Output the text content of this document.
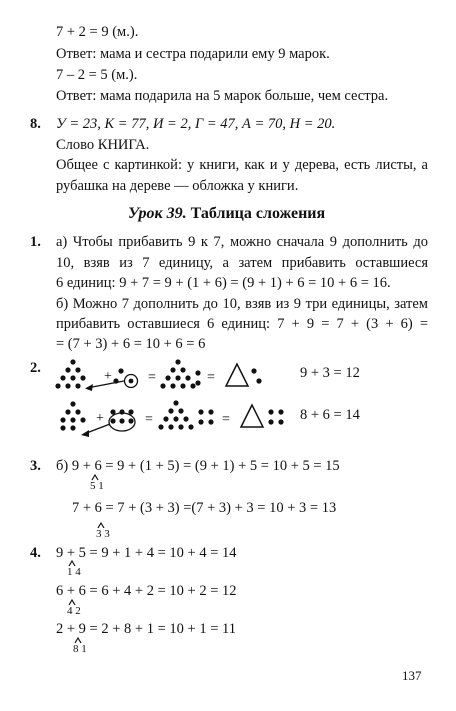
7 + 2 = 9 (м.).
Ответ: мама и сестра подарили ему 9 марок.
7 – 2 = 5 (м.).
Ответ: мама подарила на 5 марок больше, чем сестра.
8. У = 23, К = 77, И = 2, Г = 47, А = 70, Н = 20.
Слово КНИГА.
Общее с картинкой: у книги, как и у дерева, есть листы, а
рубашка на дереве — обложка у книги.
Урок 39. Таблица сложения
1. а) Чтобы прибавить 9 к 7, можно сначала 9 дополнить до
10, взяв из 7 единицу, а затем прибавить оставшиеся
6 единиц: 9 + 7 = 9 + (1 + 6) = (9 + 1) + 6 = 10 + 6 = 16.
б) Можно 7 дополнить до 10, взяв из 9 три единицы, затем
прибавить оставшиеся 6 единиц: 7 + 9 = 7 + (3 + 6) =
= (7 + 3) + 6 = 10 + 6 = 6
2.
+	=	=
+	=	=
9 + 3 = 12
8 + 6 = 14
3. б) 9 + 6 = 9 + (1 + 5) = (9 + 1) + 5 = 10 + 5 = 15
5 1
7 + 6 = 7 + (3 + 3) =(7 + 3) + 3 = 10 + 3 = 13
3 3
4. 9 + 5 = 9 + 1 + 4 = 10 + 4 = 14
1 4
6 + 6 = 6 + 4 + 2 = 10 + 2 = 12
4 2
2 + 9 = 2 + 8 + 1 = 10 + 1 = 11
8 1
137
